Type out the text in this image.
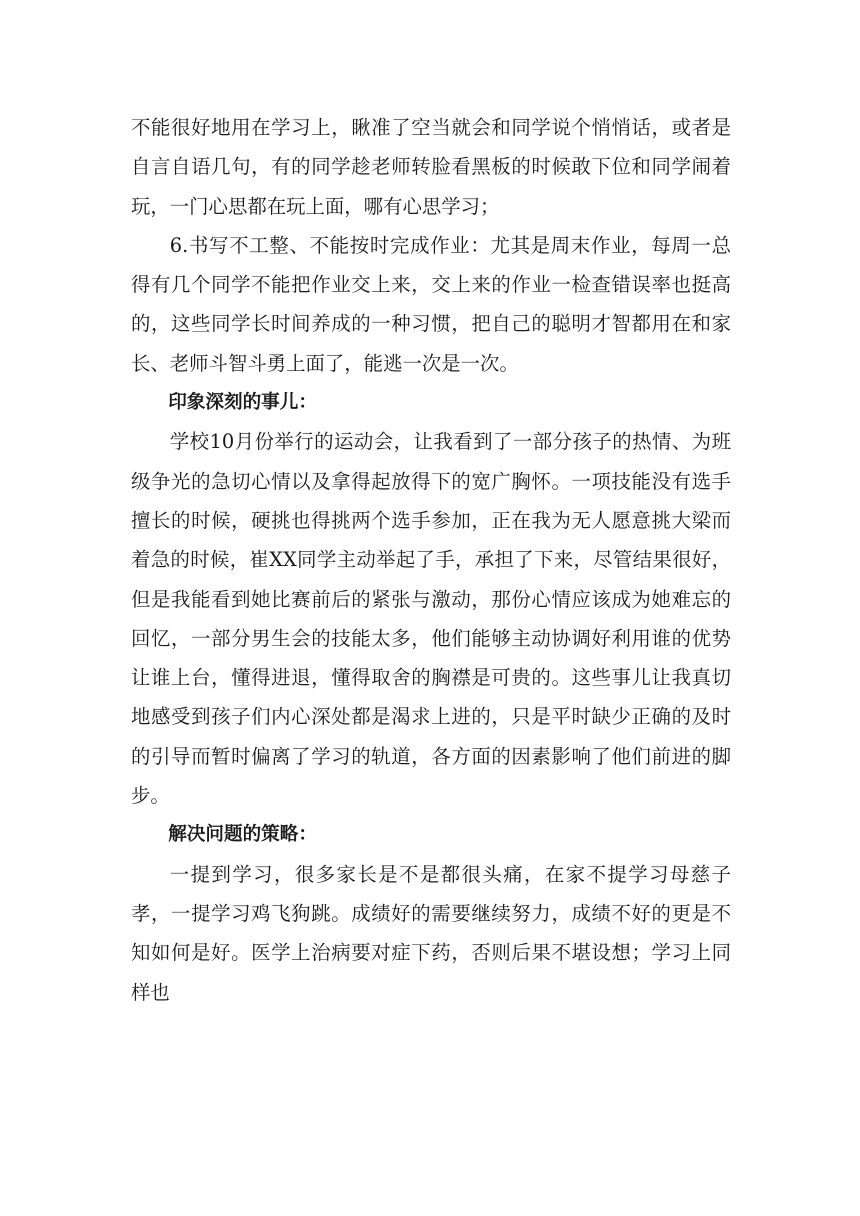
不能很好地用在学习上，瞅准了空当就会和同学说个悄悄话，或者是自言自语几句，有的同学趁老师转脸看黑板的时候敢下位和同学闹着玩，一门心思都在玩上面，哪有心思学习；

6.书写不工整、不能按时完成作业：尤其是周末作业，每周一总得有几个同学不能把作业交上来，交上来的作业一检查错误率也挺高的，这些同学长时间养成的一种习惯，把自己的聪明才智都用在和家长、老师斗智斗勇上面了，能逃一次是一次。

印象深刻的事儿：

学校10月份举行的运动会，让我看到了一部分孩子的热情、为班级争光的急切心情以及拿得起放得下的宽广胸怀。一项技能没有选手擅长的时候，硬挑也得挑两个选手参加，正在我为无人愿意挑大梁而着急的时候，崔XX同学主动举起了手，承担了下来，尽管结果很好，但是我能看到她比赛前后的紧张与激动，那份心情应该成为她难忘的回忆，一部分男生会的技能太多，他们能够主动协调好利用谁的优势让谁上台，懂得进退，懂得取舍的胸襟是可贵的。这些事儿让我真切地感受到孩子们内心深处都是渴求上进的，只是平时缺少正确的及时的引导而暂时偏离了学习的轨道，各方面的因素影响了他们前进的脚步。

解决问题的策略：

一提到学习，很多家长是不是都很头痛，在家不提学习母慈子孝，一提学习鸡飞狗跳。成绩好的需要继续努力，成绩不好的更是不知如何是好。医学上治病要对症下药，否则后果不堪设想；学习上同样也
